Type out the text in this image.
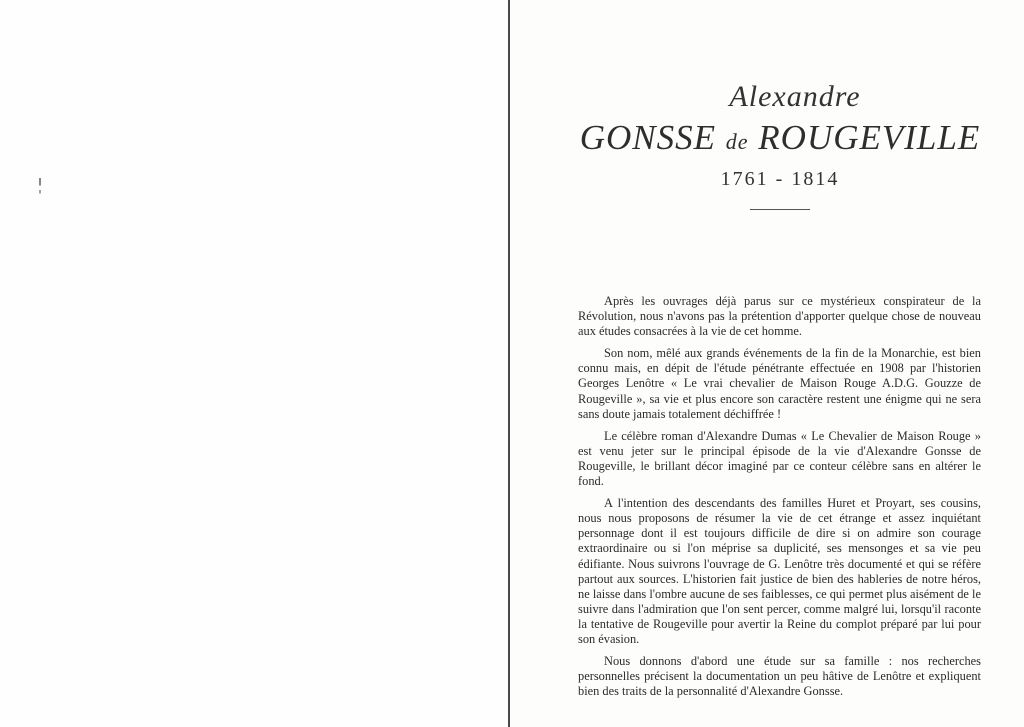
Alexandre
GONSSE de ROUGEVILLE
1761 - 1814

Après les ouvrages déjà parus sur ce mystérieux conspirateur de la Révolution, nous n'avons pas la prétention d'apporter quelque chose de nouveau aux études consacrées à la vie de cet homme.

Son nom, mêlé aux grands événements de la fin de la Monarchie, est bien connu mais, en dépit de l'étude pénétrante effectuée en 1908 par l'historien Georges Lenôtre « Le vrai chevalier de Maison Rouge A.D.G. Gouzze de Rougeville », sa vie et plus encore son caractère restent une énigme qui ne sera sans doute jamais totalement déchiffrée !

Le célèbre roman d'Alexandre Dumas « Le Chevalier de Maison Rouge » est venu jeter sur le principal épisode de la vie d'Alexandre Gonsse de Rougeville, le brillant décor imaginé par ce conteur célèbre sans en altérer le fond.

A l'intention des descendants des familles Huret et Proyart, ses cousins, nous nous proposons de résumer la vie de cet étrange et assez inquiétant personnage dont il est toujours difficile de dire si on admire son courage extraordinaire ou si l'on méprise sa duplicité, ses mensonges et sa vie peu édifiante. Nous suivrons l'ouvrage de G. Lenôtre très documenté et qui se réfère partout aux sources. L'historien fait justice de bien des hableries de notre héros, ne laisse dans l'ombre aucune de ses faiblesses, ce qui permet plus aisément de le suivre dans l'admiration que l'on sent percer, comme malgré lui, lorsqu'il raconte la tentative de Rougeville pour avertir la Reine du complot préparé par lui pour son évasion.

Nous donnons d'abord une étude sur sa famille : nos recherches personnelles précisent la documentation un peu hâtive de Lenôtre et expliquent bien des traits de la personnalité d'Alexandre Gonsse.
